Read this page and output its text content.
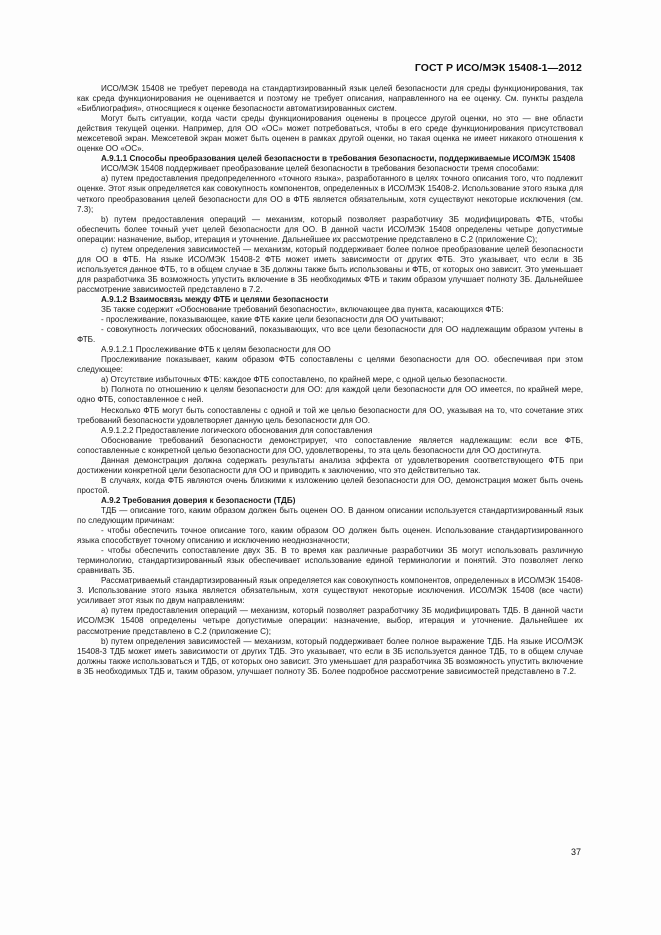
ГОСТ Р ИСО/МЭК 15408-1—2012

ИСО/МЭК 15408 не требует перевода на стандартизированный язык целей безопасности для среды функционирования, так как среда функционирования не оценивается и поэтому не требует описания, направленного на ее оценку. См. пункты раздела «Библиография», относящиеся к оценке безопасности автоматизированных систем.

Могут быть ситуации, когда части среды функционирования оценены в процессе другой оценки, но это — вне области действия текущей оценки. Например, для ОО «ОС» может потребоваться, чтобы в его среде функционирования присутствовал межсетевой экран. Межсетевой экран может быть оценен в рамках другой оценки, но такая оценка не имеет никакого отношения к оценке ОО «ОС».

А.9.1.1 Способы преобразования целей безопасности в требования безопасности, поддерживаемые ИСО/МЭК 15408

ИСО/МЭК 15408 поддерживает преобразование целей безопасности в требования безопасности тремя способами:

а) путем предоставления предопределенного «точного языка», разработанного в целях точного описания того, что подлежит оценке. Этот язык определяется как совокупность компонентов, определенных в ИСО/МЭК 15408-2. Использование этого языка для четкого преобразования целей безопасности для ОО в ФТБ является обязательным, хотя существуют некоторые исключения (см. 7.3);

b) путем предоставления операций — механизм, который позволяет разработчику ЗБ модифицировать ФТБ, чтобы обеспечить более точный учет целей безопасности для ОО. В данной части ИСО/МЭК 15408 определены четыре допустимые операции: назначение, выбор, итерация и уточнение. Дальнейшее их рассмотрение представлено в С.2 (приложение С);

с) путем определения зависимостей — механизм, который поддерживает более полное преобразование целей безопасности для ОО в ФТБ. На языке ИСО/МЭК 15408-2 ФТБ может иметь зависимости от других ФТБ. Это указывает, что если в ЗБ используется данное ФТБ, то в общем случае в ЗБ должны также быть использованы и ФТБ, от которых оно зависит. Это уменьшает для разработчика ЗБ возможность упустить включение в ЗБ необходимых ФТБ и таким образом улучшает полноту ЗБ. Дальнейшее рассмотрение зависимостей представлено в 7.2.

А.9.1.2 Взаимосвязь между ФТБ и целями безопасности

ЗБ также содержит «Обоснование требований безопасности», включающее два пункта, касающихся ФТБ:

- прослеживание, показывающее, какие ФТБ какие цели безопасности для ОО учитывают;

- совокупность логических обоснований, показывающих, что все цели безопасности для ОО надлежащим образом учтены в ФТБ.

А.9.1.2.1 Прослеживание ФТБ к целям безопасности для ОО

Прослеживание показывает, каким образом ФТБ сопоставлены с целями безопасности для ОО. обеспечивая при этом следующее:

а) Отсутствие избыточных ФТБ: каждое ФТБ сопоставлено, по крайней мере, с одной целью безопасности.

b) Полнота по отношению к целям безопасности для ОО: для каждой цели безопасности для ОО имеется, по крайней мере, одно ФТБ, сопоставленное с ней.

Несколько ФТБ могут быть сопоставлены с одной и той же целью безопасности для ОО, указывая на то, что сочетание этих требований безопасности удовлетворяет данную цель безопасности для ОО.

А.9.1.2.2 Предоставление логического обоснования для сопоставления

Обоснование требований безопасности демонстрирует, что сопоставление является надлежащим: если все ФТБ, сопоставленные с конкретной целью безопасности для ОО, удовлетворены, то эта цель безопасности для ОО достигнута.

Данная демонстрация должна содержать результаты анализа эффекта от удовлетворения соответствующего ФТБ при достижении конкретной цели безопасности для ОО и приводить к заключению, что это действительно так.

В случаях, когда ФТБ являются очень близкими к изложению целей безопасности для ОО, демонстрация может быть очень простой.

А.9.2 Требования доверия к безопасности (ТДБ)

ТДБ — описание того, каким образом должен быть оценен ОО. В данном описании используется стандартизированный язык по следующим причинам:

- чтобы обеспечить точное описание того, каким образом ОО должен быть оценен. Использование стандартизированного языка способствует точному описанию и исключению неоднозначности;

- чтобы обеспечить сопоставление двух ЗБ. В то время как различные разработчики ЗБ могут использовать различную терминологию, стандартизированный язык обеспечивает использование единой терминологии и понятий. Это позволяет легко сравнивать ЗБ.

Рассматриваемый стандартизированный язык определяется как совокупность компонентов, определенных в ИСО/МЭК 15408-3. Использование этого языка является обязательным, хотя существуют некоторые исключения. ИСО/МЭК 15408 (все части) усиливает этот язык по двум направлениям:

а) путем предоставления операций — механизм, который позволяет разработчику ЗБ модифицировать ТДБ. В данной части ИСО/МЭК 15408 определены четыре допустимые операции: назначение, выбор, итерация и уточнение. Дальнейшее их рассмотрение представлено в С.2 (приложение С);

b) путем определения зависимостей — механизм, который поддерживает более полное выражение ТДБ. На языке ИСО/МЭК 15408-3 ТДБ может иметь зависимости от других ТДБ. Это указывает, что если в ЗБ используется данное ТДБ, то в общем случае должны также использоваться и ТДБ, от которых оно зависит. Это уменьшает для разработчика ЗБ возможность упустить включение в ЗБ необходимых ТДБ и, таким образом, улучшает полноту ЗБ. Более подробное рассмотрение зависимостей представлено в 7.2.

37
